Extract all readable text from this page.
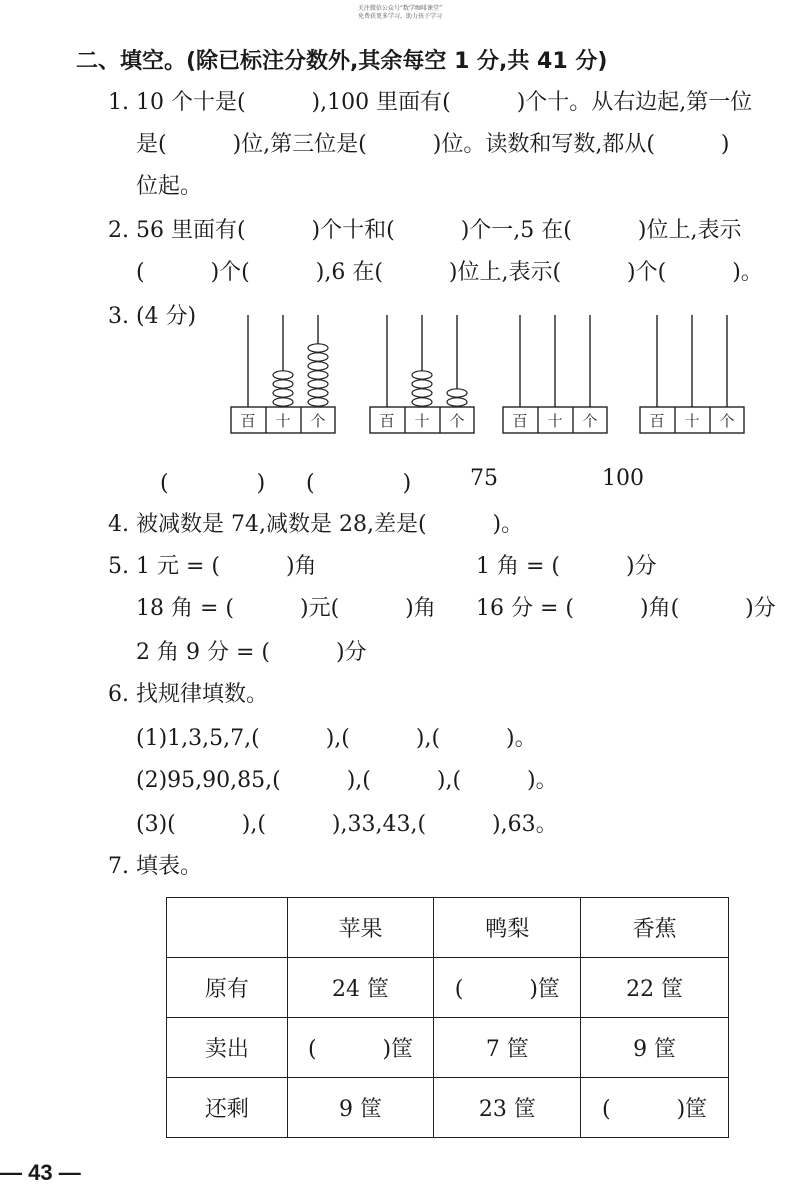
关注微信公众号“数学咖啡课堂”
免费获更多学习，助力孩子学习
二、填空。(除已标注分数外,其余每空 1 分,共 41 分)
1. 10 个十是(　　　),100 里面有(　　　)个十。从右边起,第一位
是(　　　)位,第三位是(　　　)位。读数和写数,都从(　　　)
位起。
2. 56 里面有(　　　)个十和(　　　)个一,5 在(　　　)位上,表示
(　　　)个(　　　),6 在(　　　)位上,表示(　　　)个(　　　)。
3. (4 分)
百 十 个	百 十 个	百 十 个	百 十 个
(　　　　) (　　　　)	75	100
4. 被减数是 74,减数是 28,差是(　　　)。
5. 1 元 = (　　　)角	1 角 = (　　　)分
18 角 = (　　　)元(　　　)角 16 分 = (　　　)角(　　　)分
2 角 9 分 = (　　　)分
6. 找规律填数。
(1)1,3,5,7,(　　　),(　　　),(　　　)。
(2)95,90,85,(　　　),(　　　),(　　　)。
(3)(　　　),(　　　),33,43,(　　　),63。
7. 填表。
	苹果	鸭梨	香蕉
原有	24 筐	(　　　)筐	22 筐
卖出	(　　　)筐	7 筐	9 筐
还剩	9 筐	23 筐	(　　　)筐
— 43 —
